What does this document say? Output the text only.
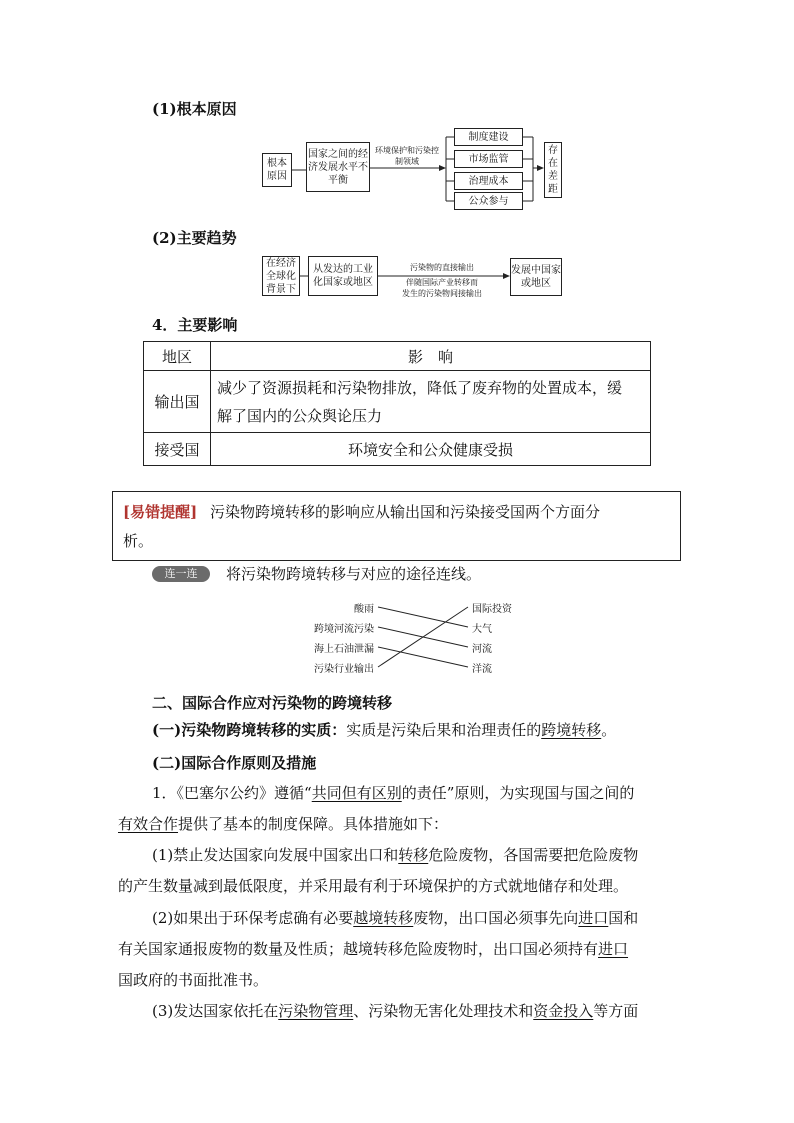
(1)根本原因
根本原因
国家之间的经济发展水平不平衡
环境保护和污染控制领域
制度建设
市场监管
治理成本
公众参与
存在差距
(2)主要趋势
在经济全球化背景下
从发达的工业化国家或地区
污染物的直接输出
伴随国际产业转移而
发生的污染物间接输出
发展中国家或地区
4．主要影响
地区	影　响
输出国	减少了资源损耗和污染物排放，降低了废弃物的处置成本，缓
解了国内的公众舆论压力

接受国	环境安全和公众健康受损
[易错提醒] 污染物跨境转移的影响应从输出国和污染接受国两个方面分
析。
连一连	将污染物跨境转移与对应的途径连线。
酸雨
跨境河流污染
海上石油泄漏
污染行业输出
国际投资
大气
河流
洋流
二、国际合作应对污染物的跨境转移
(一)污染物跨境转移的实质：实质是污染后果和治理责任的跨境转移。
(二)国际合作原则及措施
1．《巴塞尔公约》遵循“共同但有区别的责任”原则，为实现国与国之间的
有效合作提供了基本的制度保障。具体措施如下：
(1)禁止发达国家向发展中国家出口和转移危险废物，各国需要把危险废物
的产生数量减到最低限度，并采用最有利于环境保护的方式就地储存和处理。
(2)如果出于环保考虑确有必要越境转移废物，出口国必须事先向进口国和
有关国家通报废物的数量及性质；越境转移危险废物时，出口国必须持有进口
国政府的书面批准书。
(3)发达国家依托在污染物管理、污染物无害化处理技术和资金投入等方面
